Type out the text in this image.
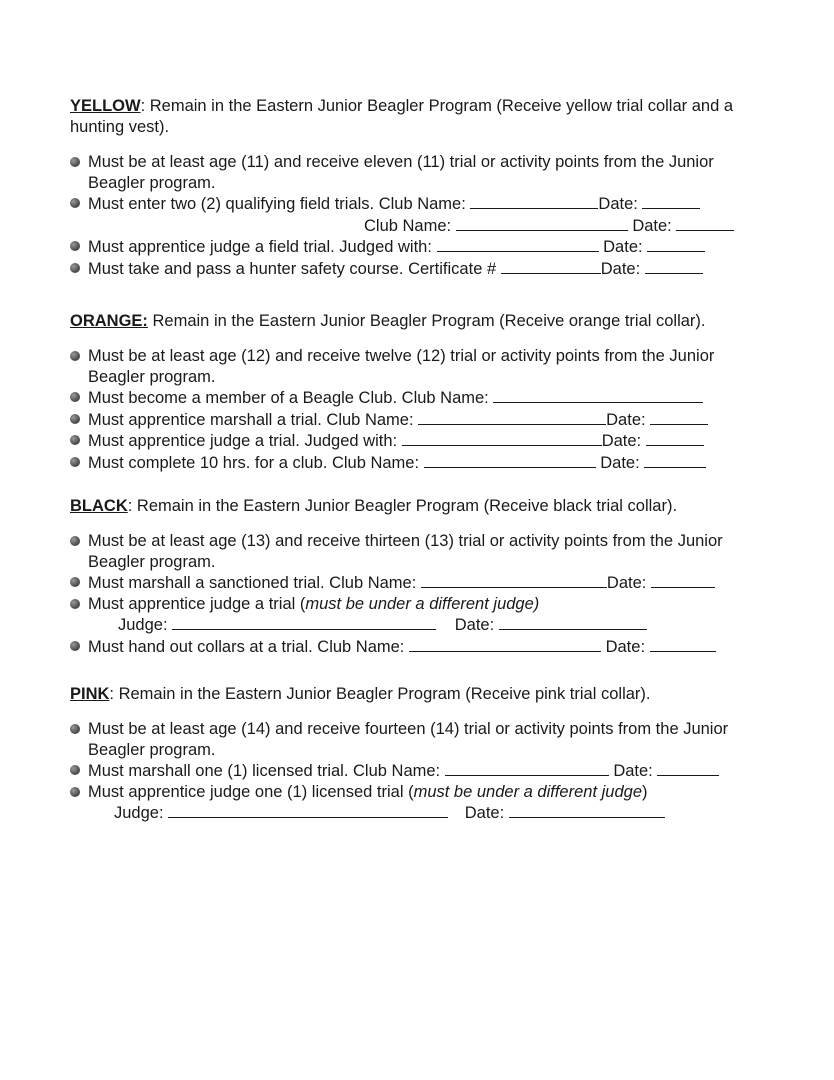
YELLOW: Remain in the Eastern Junior Beagler Program (Receive yellow trial collar and a hunting vest).
Must be at least age (11) and receive eleven (11) trial or activity points from the Junior Beagler program.
Must enter two (2) qualifying field trials. Club Name:	Date:
Club Name:	Date:
Must apprentice judge a field trial. Judged with:	Date:
Must take and pass a hunter safety course. Certificate #	Date:
ORANGE: Remain in the Eastern Junior Beagler Program (Receive orange trial collar).
Must be at least age (12) and receive twelve (12) trial or activity points from the Junior Beagler program.
Must become a member of a Beagle Club. Club Name:
Must apprentice marshall a trial. Club Name:	Date:
Must apprentice judge a trial. Judged with:	Date:
Must complete 10 hrs. for a club. Club Name:	Date:
BLACK: Remain in the Eastern Junior Beagler Program (Receive black trial collar).
Must be at least age (13) and receive thirteen (13) trial or activity points from the Junior Beagler program.
Must marshall a sanctioned trial. Club Name:	Date:
Must apprentice judge a trial (must be under a different judge)
Judge:	Date:
Must hand out collars at a trial. Club Name:	Date:
PINK: Remain in the Eastern Junior Beagler Program (Receive pink trial collar).
Must be at least age (14) and receive fourteen (14) trial or activity points from the Junior Beagler program.
Must marshall one (1) licensed trial. Club Name:	Date:
Must apprentice judge one (1) licensed trial (must be under a different judge)
Judge:	Date:
